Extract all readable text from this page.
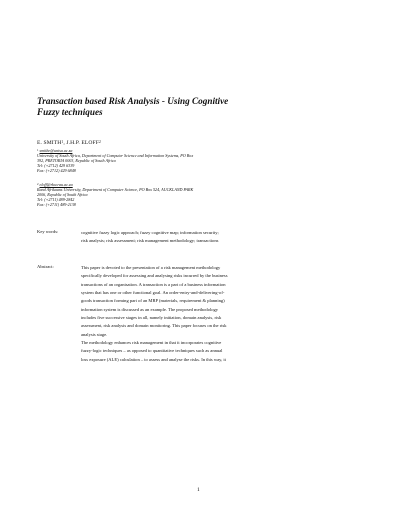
Transaction based Risk Analysis - Using Cognitive
Fuzzy techniques
E. SMITH$^1$, J.H.P. ELOFF$^2$
$^1$ smithe@unisa.ac.za
University of South Africa, Department of Computer Science and Information Systems, PO Box
392, PRETORIA 0003, Republic of South Africa
Tel: (+2712) 429 6339
Fax: (+2712) 429 6848
$^2$ eloff@rkw.rau.ac.za
Rand Afrikaans University, Department of Computer Science, PO Box 524, AUCKLAND PARK
2006, Republic of South Africa
Tel: (+2711) 489-2842
Fax: (+2711) 489-2138
Key words:	cognitive fuzzy logic approach; fuzzy cognitive map; information security;
risk analysis; risk assessment; risk management methodology; transactions
Abstract:	This paper is devoted to the presentation of a risk management methodology
specifically developed for assessing and analysing risks incurred by the business
transactions of an organisation. A transaction is a part of a business information
system that has one or other functional goal. An order-entry-and-delivering-of-
goods transaction forming part of an MRP (materials, requirement & planning)
information system is discussed as an example. The proposed methodology
includes five successive stages in all, namely initiation, domain analysis, risk
assessment, risk analysis and domain monitoring. This paper focuses on the risk
analysis stage.
The methodology enhances risk management in that it incorporates cognitive
fuzzy-logic techniques – as opposed to quantitative techniques such as annual
loss exposure (ALE) calculation – to assess and analyse the risks. In this way, it
1
